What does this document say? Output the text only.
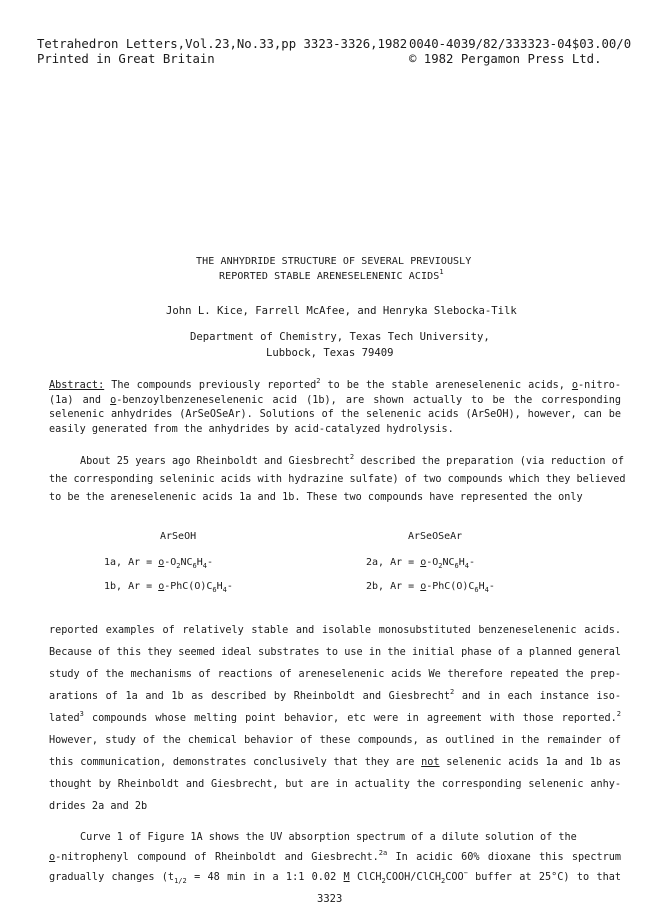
Tetrahedron Letters,Vol.23,No.33,pp 3323-3326,1982
Printed in Great Britain
0040-4039/82/333323-04$03.00/0
© 1982 Pergamon Press Ltd.
THE ANHYDRIDE STRUCTURE OF SEVERAL PREVIOUSLY
REPORTED STABLE ARENESELENENIC ACIDS$^1$
John L. Kice, Farrell McAfee, and Henryka Slebocka-Tilk
Department of Chemistry, Texas Tech University,
Lubbock, Texas 79409
Abstract: The compounds previously reported$^2$ to be the stable areneselenenic acids, o-nitro-
(1a) and o-benzoylbenzeneselenenic acid (1b), are shown actually to be the corresponding
selenenic anhydrides (ArSeOSeAr). Solutions of the selenenic acids (ArSeOH), however, can be
easily generated from the anhydrides by acid-catalyzed hydrolysis.
About 25 years ago Rheinboldt and Giesbrecht$^2$ described the preparation (via reduction of
the corresponding seleninic acids with hydrazine sulfate) of two compounds which they believed
to be the areneselenenic acids 1a and 1b. These two compounds have represented the only
ArSeOH	ArSeOSeAr
1a, $Ar = o-O_2NC_6H_4-$
1b, $Ar = o-PhC(O)C_6H_4-$
2a, $Ar = o-O_2NC_6H_4-$
2b, $Ar = o-PhC(O)C_6H_4-$
reported examples of relatively stable and isolable monosubstituted benzeneselenenic acids.
Because of this they seemed ideal substrates to use in the initial phase of a planned general
study of the mechanisms of reactions of areneselenenic acids We therefore repeated the prep-
arations of 1a and 1b as described by Rheinboldt and Giesbrecht$^2$ and in each instance iso-
lated$^3$ compounds whose melting point behavior, etc were in agreement with those reported.$^2$
However, study of the chemical behavior of these compounds, as outlined in the remainder of
this communication, demonstrates conclusively that they are not selenenic acids 1a and 1b as
thought by Rheinboldt and Giesbrecht, but are in actuality the corresponding selenenic anhy-
drides 2a and 2b
Curve 1 of Figure 1A shows the UV absorption spectrum of a dilute solution of the
o-nitrophenyl compound of Rheinboldt and Giesbrecht.$^{2a}$ In acidic 60% dioxane this spectrum
gradually changes ($t_{1/2} = 48$ min in a 1:1 0.02 M ClCH$_2$COOH/ClCH$_2$COO− buffer at 25°C) to that
3323
